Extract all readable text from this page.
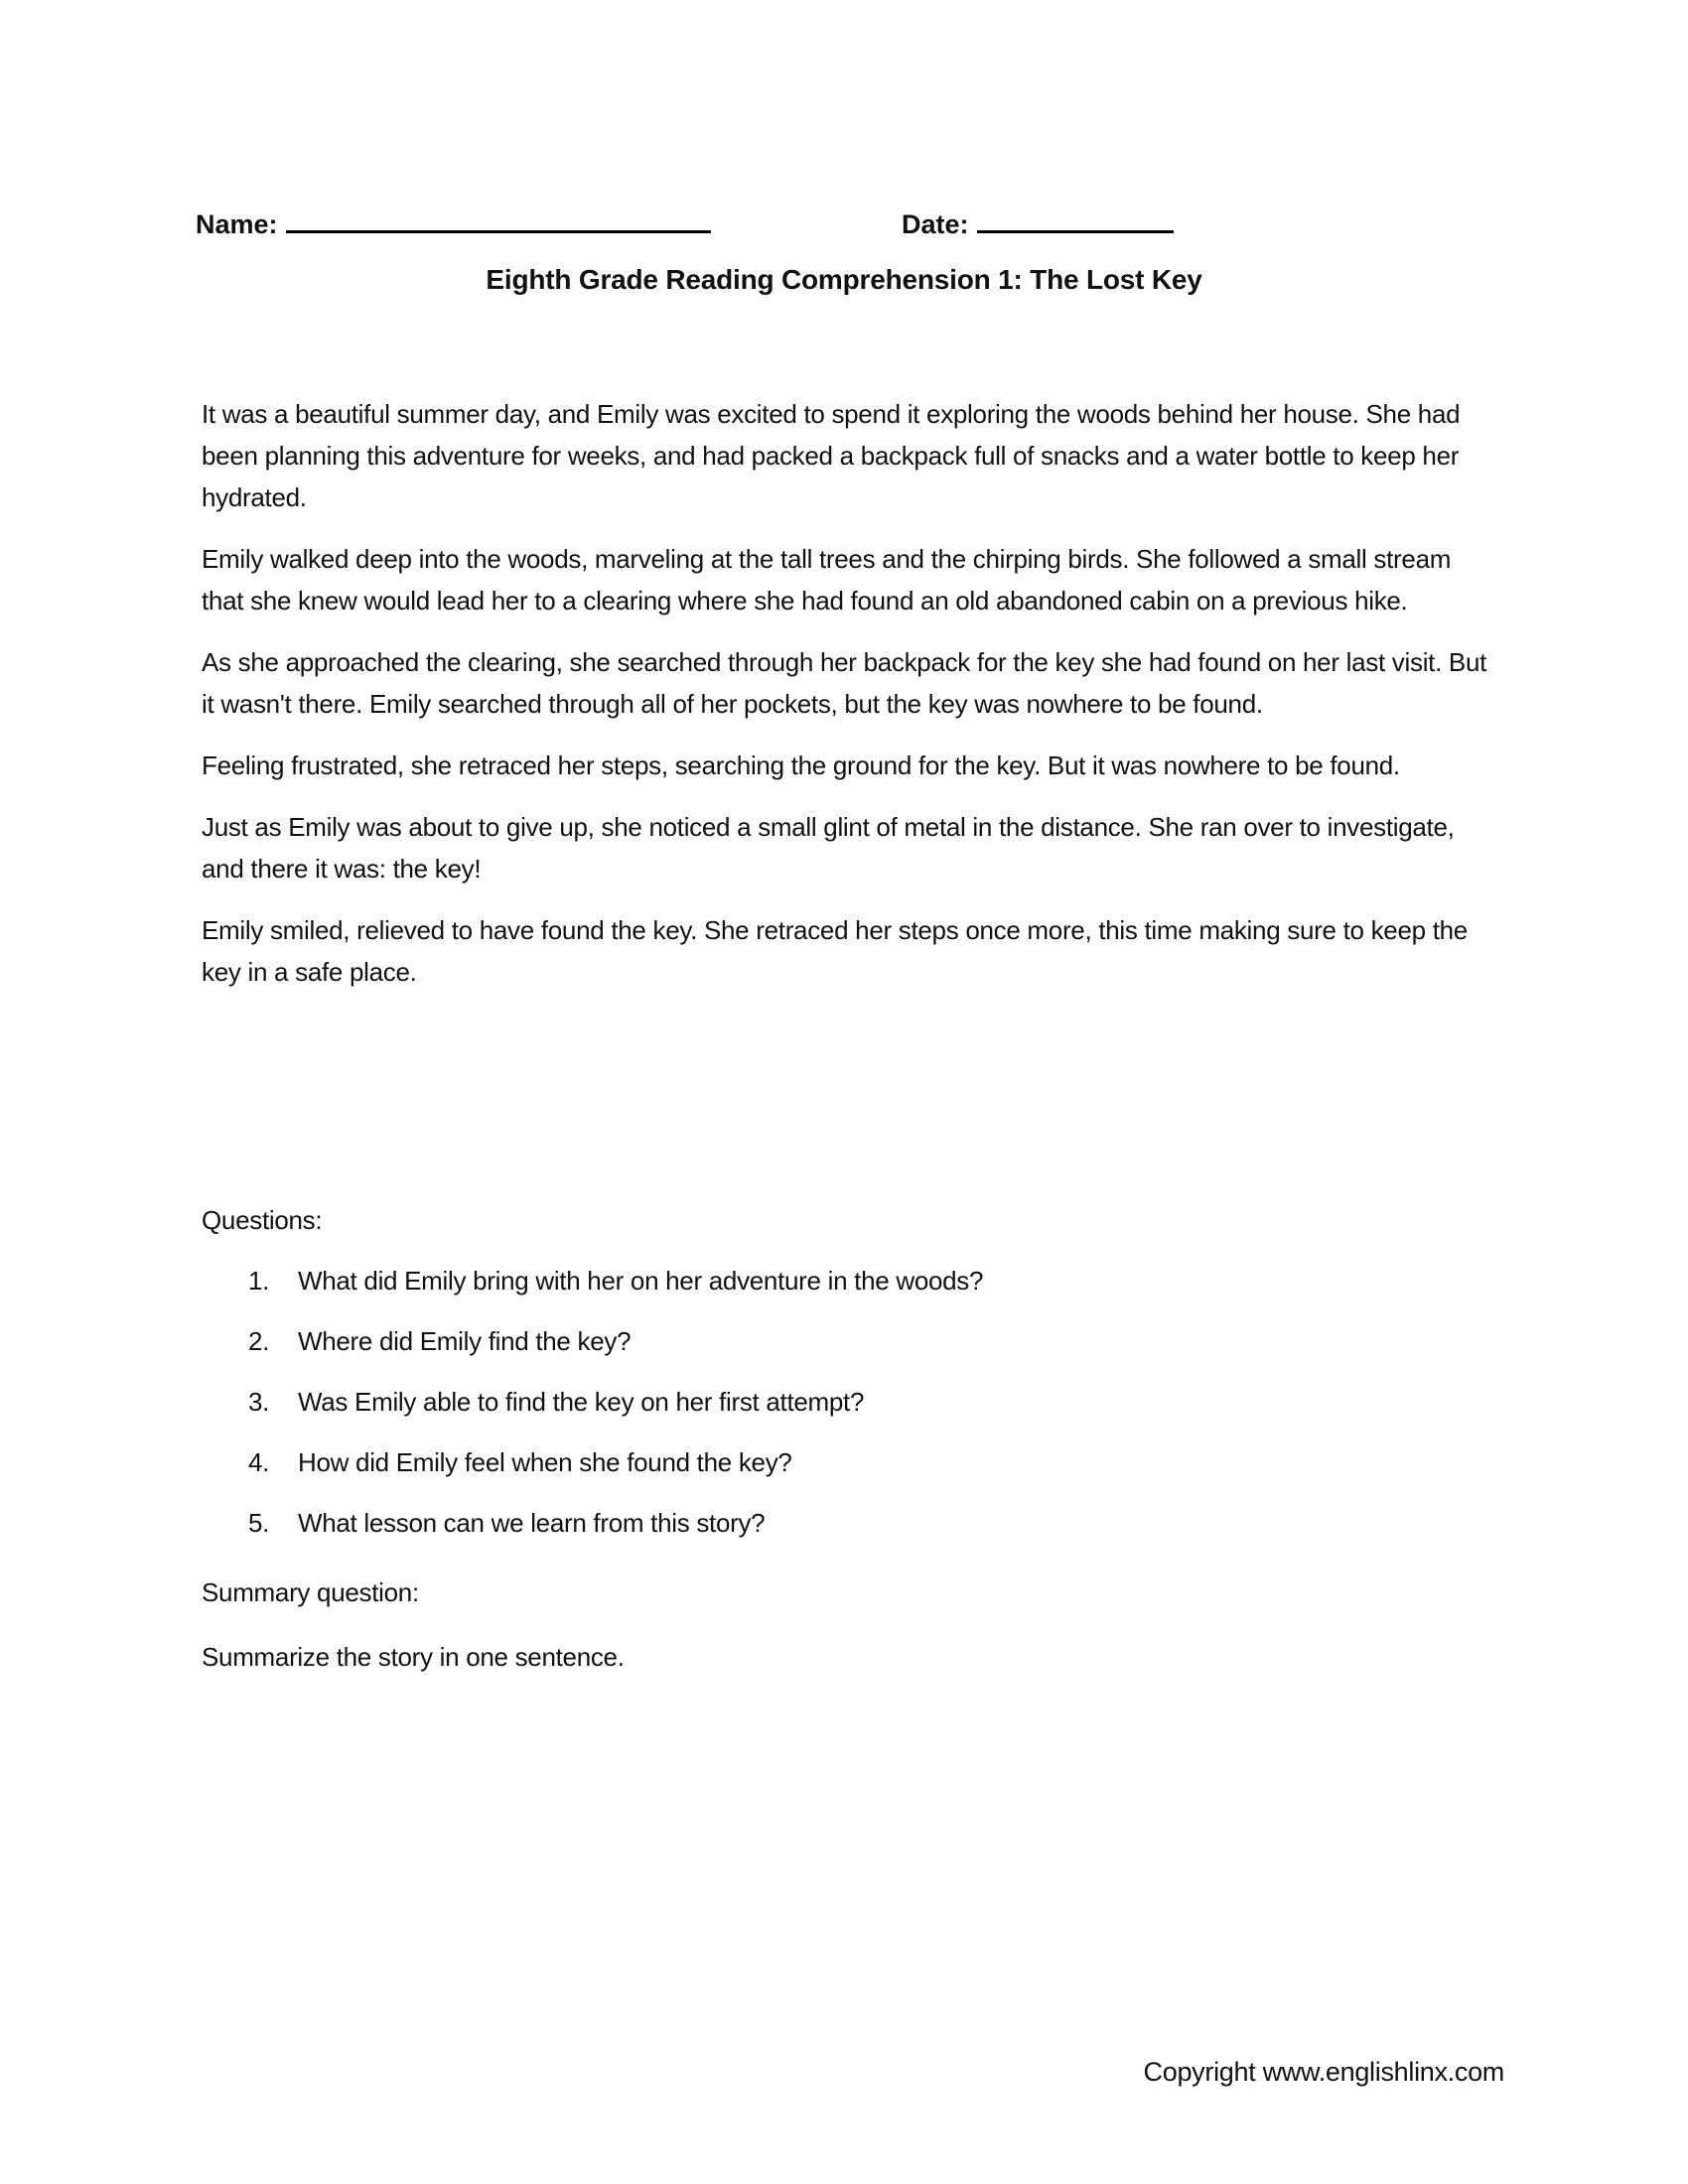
Name:	Date:
Eighth Grade Reading Comprehension 1: The Lost Key

It was a beautiful summer day, and Emily was excited to spend it exploring the woods behind her house. She had been planning this adventure for weeks, and had packed a backpack full of snacks and a water bottle to keep her hydrated.

Emily walked deep into the woods, marveling at the tall trees and the chirping birds. She followed a small stream that she knew would lead her to a clearing where she had found an old abandoned cabin on a previous hike.

As she approached the clearing, she searched through her backpack for the key she had found on her last visit. But it wasn't there. Emily searched through all of her pockets, but the key was nowhere to be found.

Feeling frustrated, she retraced her steps, searching the ground for the key. But it was nowhere to be found.

Just as Emily was about to give up, she noticed a small glint of metal in the distance. She ran over to investigate, and there it was: the key!

Emily smiled, relieved to have found the key. She retraced her steps once more, this time making sure to keep the key in a safe place.

Questions:

1.	What did Emily bring with her on her adventure in the woods?
2.	Where did Emily find the key?
3.	Was Emily able to find the key on her first attempt?
4.	How did Emily feel when she found the key?
5.	What lesson can we learn from this story?
Summary question:
Summarize the story in one sentence.
Copyright www.englishlinx.com
